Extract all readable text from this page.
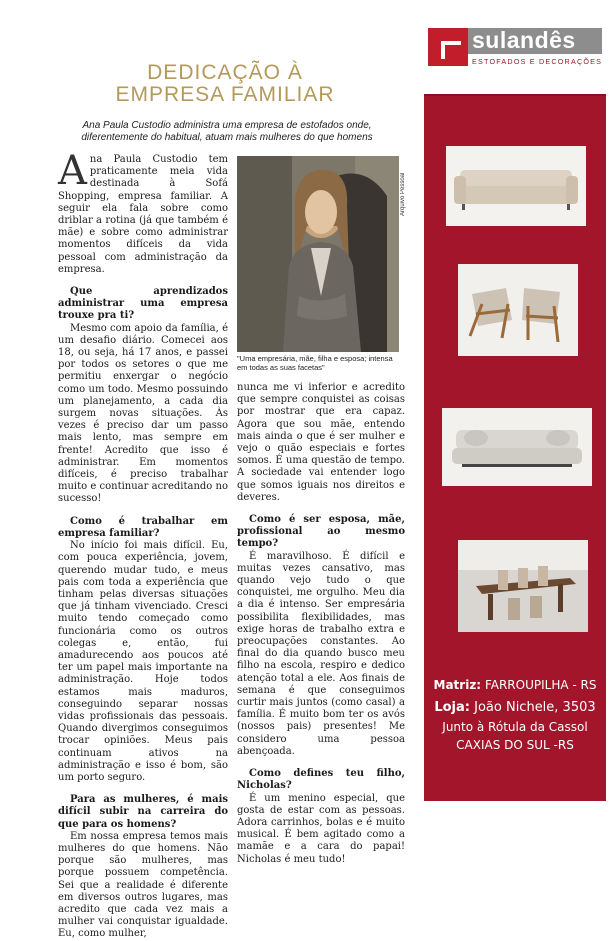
DEDICAÇÃO À
EMPRESA FAMILIAR
Ana Paula Custodio administra uma empresa de estofados onde, diferentemente do habitual, atuam mais mulheres do que homens

Ana Paula Custodio tem praticamente meia vida destinada à Sofá Shopping, empresa familiar. A seguir ela fala sobre como driblar a rotina (já que também é mãe) e sobre como administrar momentos difíceis da vida pessoal com administração da empresa.

Que aprendizados administrar uma empresa trouxe pra ti?

Mesmo com apoio da família, é um desafio diário. Comecei aos 18, ou seja, há 17 anos, e passei por todos os setores o que me permitiu enxergar o negócio como um todo. Mesmo possuindo um planejamento, a cada dia surgem novas situações. Às vezes é preciso dar um passo mais lento, mas sempre em frente! Acredito que isso é administrar. Em momentos difíceis, é preciso trabalhar muito e continuar acreditando no sucesso!

Como é trabalhar em empresa familiar?

No início foi mais difícil. Eu, com pouca experiência, jovem, querendo mudar tudo, e meus pais com toda a experiência que tinham pelas diversas situações que já tinham vivenciado. Cresci muito tendo começado como funcionária como os outros colegas e, então, fui amadurecendo aos poucos até ter um papel mais importante na administração. Hoje todos estamos mais maduros, conseguindo separar nossas vidas profissionais das pessoais. Quando divergimos conseguimos trocar opiniões. Meus pais continuam ativos na administração e isso é bom, são um porto seguro.

Para as mulheres, é mais difícil subir na carreira do que para os homens?

Em nossa empresa temos mais mulheres do que homens. Não porque são mulheres, mas porque possuem competência. Sei que a realidade é diferente em diversos outros lugares, mas acredito que cada vez mais a mulher vai conquistar igualdade. Eu, como mulher,

Arquivo Pessoal
"Uma empresária, mãe, filha e esposa; intensa em todas as suas facetas"

nunca me vi inferior e acredito que sempre conquistei as coisas por mostrar que era capaz. Agora que sou mãe, entendo mais ainda o que é ser mulher e vejo o quão especiais e fortes somos. É uma questão de tempo. A sociedade vai entender logo que somos iguais nos direitos e deveres.

Como é ser esposa, mãe, profissional ao mesmo tempo?

É maravilhoso. É difícil e muitas vezes cansativo, mas quando vejo tudo o que conquistei, me orgulho. Meu dia a dia é intenso. Ser empresária possibilita flexibilidades, mas exige horas de trabalho extra e preocupações constantes. Ao final do dia quando busco meu filho na escola, respiro e dedico atenção total a ele. Aos finais de semana é que conseguimos curtir mais juntos (como casal) a família. É muito bom ter os avós (nossos pais) presentes! Me considero uma pessoa abençoada.

Como defines teu filho, Nicholas?

É um menino especial, que gosta de estar com as pessoas. Adora carrinhos, bolas e é muito musical. É bem agitado como a mamãe e a cara do papai! Nicholas é meu tudo!

sulandês
ESTOFADOS E DECORAÇÕES
Matriz: FARROUPILHA - RS
Loja: João Nichele, 3503
Junto à Rótula da Cassol
CAXIAS DO SUL -RS
